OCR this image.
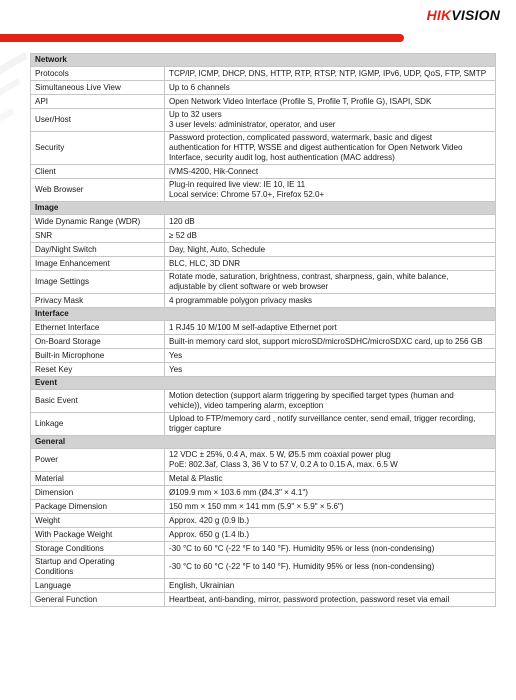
HIKVISION
Network	
Protocols	TCP/IP, ICMP, DHCP, DNS, HTTP, RTP, RTSP, NTP, IGMP, IPv6, UDP, QoS, FTP, SMTP

Simultaneous Live View	Up to 6 channels

API	Open Network Video Interface (Profile S, Profile T, Profile G), ISAPI, SDK

User/Host	Up to 32 users
3 user levels: administrator, operator, and user

Security	Password protection, complicated password, watermark, basic and digest
authentication for HTTP, WSSE and digest authentication for Open Network Video
Interface, security audit log, host authentication (MAC address)

Client	iVMS-4200, Hik-Connect

Web Browser	Plug-in required live view: IE 10, IE 11
Local service: Chrome 57.0+, Firefox 52.0+

Image	
Wide Dynamic Range (WDR)	120 dB

SNR	≥ 52 dB

Day/Night Switch	Day, Night, Auto, Schedule

Image Enhancement	BLC, HLC, 3D DNR

Image Settings	Rotate mode, saturation, brightness, contrast, sharpness, gain, white balance,
adjustable by client software or web browser

Privacy Mask	4 programmable polygon privacy masks

Interface	
Ethernet Interface	1 RJ45 10 M/100 M self-adaptive Ethernet port

On-Board Storage	Built-in memory card slot, support microSD/microSDHC/microSDXC card, up to 256 GB

Built-in Microphone	Yes

Reset Key	Yes

Event	
Basic Event	Motion detection (support alarm triggering by specified target types (human and
vehicle)), video tampering alarm, exception

Linkage	Upload to FTP/memory card , notify surveillance center, send email, trigger recording,
trigger capture

General	
Power	12 VDC ± 25%, 0.4 A, max. 5 W, Ø5.5 mm coaxial power plug
PoE: 802.3af, Class 3, 36 V to 57 V, 0.2 A to 0.15 A, max. 6.5 W

Material	Metal & Plastic

Dimension	Ø109.9 mm × 103.6 mm (Ø4.3" × 4.1")

Package Dimension	150 mm × 150 mm × 141 mm (5.9" × 5.9" × 5.6")

Weight	Approx. 420 g (0.9 lb.)

With Package Weight	Approx. 650 g (1.4 lb.)

Storage Conditions	-30 °C to 60 °C (-22 °F to 140 °F). Humidity 95% or less (non-condensing)

Startup and Operating
Conditions	-30 °C to 60 °C (-22 °F to 140 °F). Humidity 95% or less (non-condensing)

Language	English, Ukrainian

General Function	Heartbeat, anti-banding, mirror, password protection, password reset via email
